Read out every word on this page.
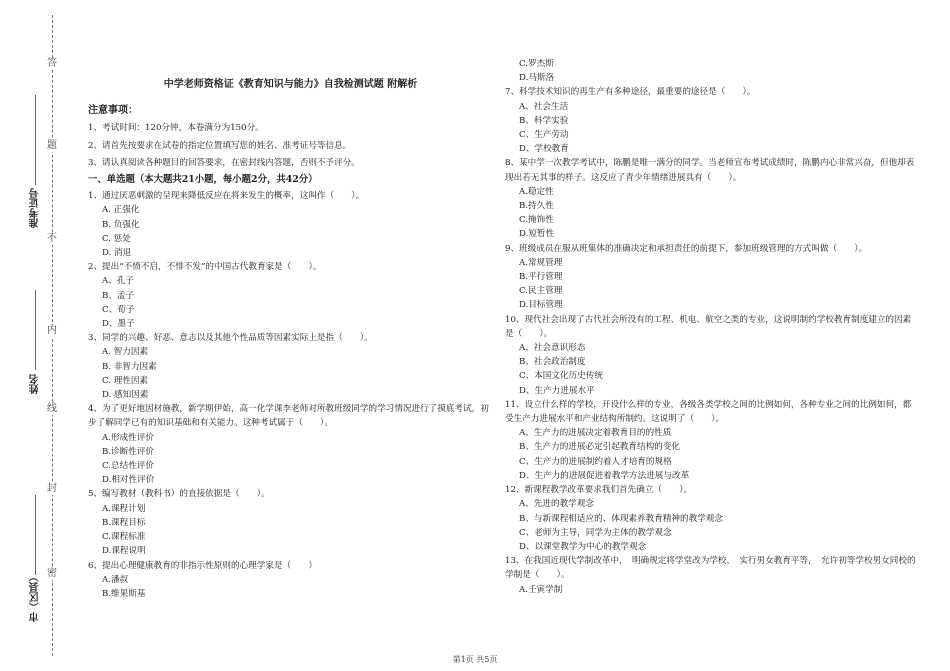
答
题
不
内
线
封
密
准考证号
姓名
市（区县）
中学老师资格证《教育知识与能力》自我检测试题 附解析
注意事项：
1、考试时间：120分钟，本卷满分为150分。
2、请首先按要求在试卷的指定位置填写您的姓名、准考证号等信息。
3、请认真阅读各种题目的回答要求，在密封线内答题，否则不予评分。
一、单选题（本大题共21小题，每小题2分，共42分）
1、通过厌恶刺激的呈现来降低反应在将来发生的概率，这叫作（　　）。
A. 正强化
B. 负强化
C. 惩处
D. 消退
2、提出“不愤不启，不悱不发”的中国古代教育家是（　　）。
A、孔子
B、孟子
C、荀子
D、墨子
3、同学的兴趣、好恶、意志以及其他个性品质等因素实际上是指（　　）。
A. 智力因素
B. 非智力因素
C. 理性因素
D. 感知因素
4、为了更好地因材施教，新学期伊始，高一化学课李老师对所教班级同学的学习情况进行了摸底考试，初步了解同学已有的知识基础和有关能力。这种考试属于（　　）。
A.形成性评价
B.诊断性评价
C.总结性评价
D.相对性评价
5、编写教材（教科书）的直接依据是（　　）。
A.课程计划
B.课程目标
C.课程标准
D.课程说明
6、提出心理健康教育的非指示性原则的心理学家是（　　）
A.潘叔
B.维果斯基
C.罗杰斯
D.马斯洛
7、科学技术知识的再生产有多种途径，最重要的途径是（　　）。
A、社会生活
B、科学实验
C、生产劳动
D、学校教育
8、某中学一次教学考试中，陈鹏是唯一满分的同学。当老师宣布考试成绩时，陈鹏内心非常兴奋，但他却表现出若无其事的样子。这反应了青少年情绪进展具有（　　）。
A.稳定性
B.持久性
C.掩饰性
D.短暂性
9、班级成员在服从班集体的准确决定和承担责任的前提下，参加班级管理的方式叫做（　　）。
A.常规管理
B.平行管理
C.民主管理
D.目标管理
10、现代社会出现了古代社会所没有的工程、机电、航空之类的专业，这说明制约学校教育制度建立的因素是（　　）。
A、社会意识形态
B、社会政治制度
C、本国文化历史传统
D、生产力进展水平
11、设立什么样的学校，开设什么样的专业，各级各类学校之间的比例如何，各种专业之间的比例如何，都受生产力进展水平和产业结构所制约。这说明了（　　）。
A、生产力的进展决定着教育目的的性质
B、生产力的进展必定引起教育结构的变化
C、生产力的进展制约着人才培育的规格
D、生产力的进展促进着教学方法进展与改革
12、新课程教学改革要求我们首先确立（　　）。
A、先进的教学观念
B、与新课程相适应的、体现素养教育精神的教学观念
C、老师为主导，同学为主体的教学观念
D、以课堂教学为中心的教学观念
13、在我国近现代学制改革中，　明确规定将学堂改为学校，　实行男女教育平等，　允许初等学校男女同校的学制是（　　）。
A.壬寅学制
第1页 共5页
